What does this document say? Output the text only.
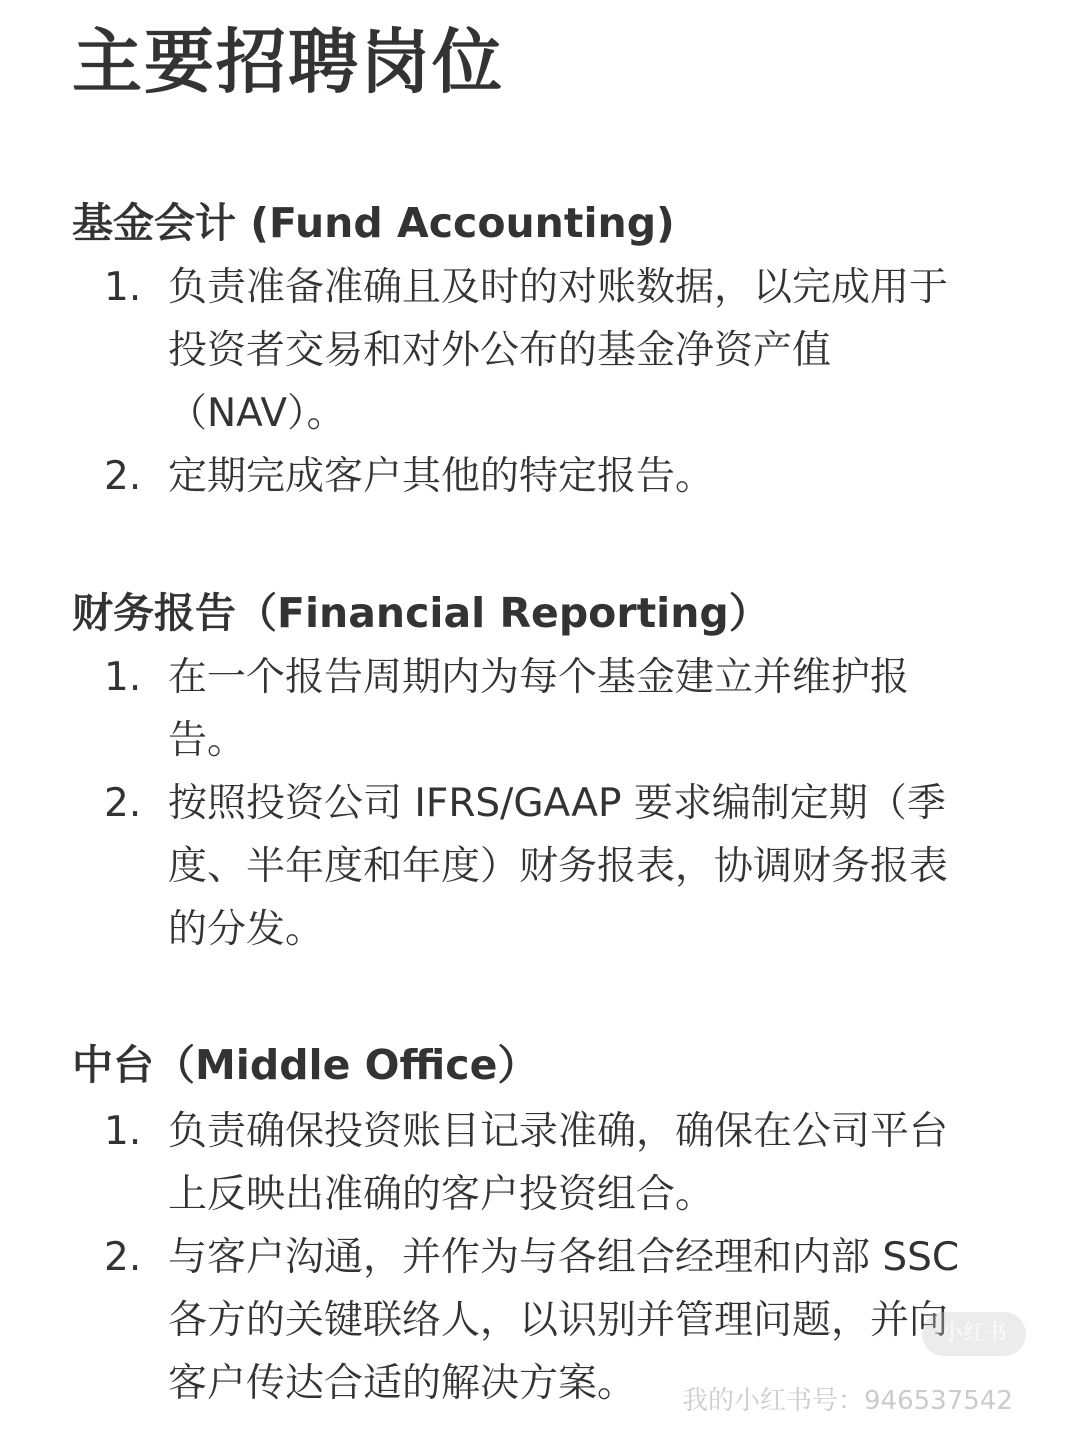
主要招聘岗位
基金会计 (Fund Accounting)
1. 负责准备准确且及时的对账数据，以完成用于投资者交易和对外公布的基金净资产值（NAV）。
2. 定期完成客户其他的特定报告。
财务报告（Financial Reporting）
1. 在一个报告周期内为每个基金建立并维护报告。
2. 按照投资公司 IFRS/GAAP 要求编制定期（季度、半年度和年度）财务报表，协调财务报表的分发。
中台（Middle Office）
1. 负责确保投资账目记录准确，确保在公司平台上反映出准确的客户投资组合。
2. 与客户沟通，并作为与各组合经理和内部 SSC 各方的关键联络人，以识别并管理问题，并向客户传达合适的解决方案。
小红书
我的小红书号：946537542
